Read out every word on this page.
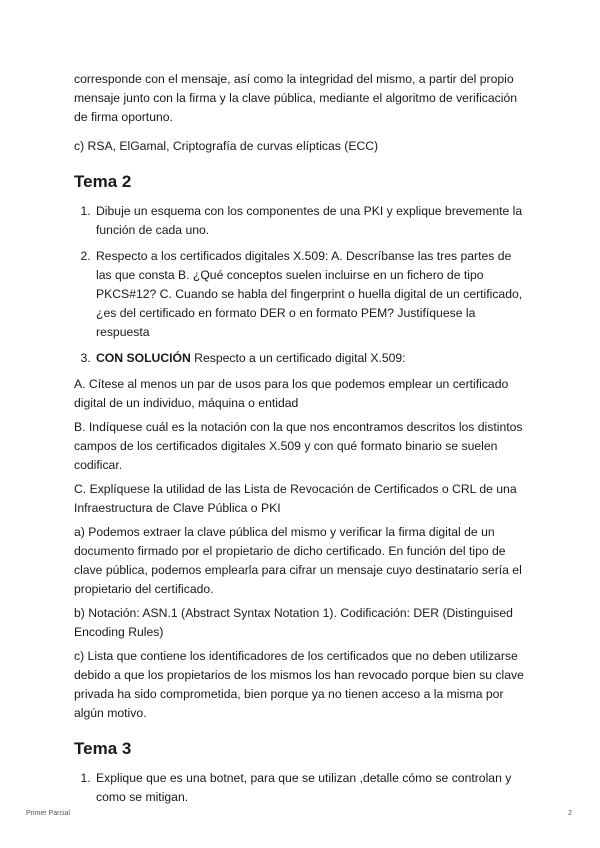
corresponde con el mensaje, así como la integridad del mismo, a partir del propio mensaje junto con la firma y la clave pública, mediante el algoritmo de verificación de firma oportuno.

c) RSA, ElGamal, Criptografía de curvas elípticas (ECC)

Tema 2
1. Dibuje un esquema con los componentes de una PKI y explique brevemente la función de cada uno.
2. Respecto a los certificados digitales X.509: A. Descríbanse las tres partes de las que consta B. ¿Qué conceptos suelen incluirse en un fichero de tipo PKCS#12? C. Cuando se habla del fingerprint o huella digital de un certificado, ¿es del certificado en formato DER o en formato PEM? Justifíquese la respuesta
3. CON SOLUCIÓN Respecto a un certificado digital X.509:

A. Cítese al menos un par de usos para los que podemos emplear un certificado digital de un individuo, máquina o entidad

B. Indíquese cuál es la notación con la que nos encontramos descritos los distintos campos de los certificados digitales X.509 y con qué formato binario se suelen codificar.

C. Explíquese la utilidad de las Lista de Revocación de Certificados o CRL de una Infraestructura de Clave Pública o PKI

a) Podemos extraer la clave pública del mismo y verificar la firma digital de un documento firmado por el propietario de dicho certificado. En función del tipo de clave pública, podemos emplearla para cifrar un mensaje cuyo destinatario sería el propietario del certificado.

b) Notación: ASN.1 (Abstract Syntax Notation 1). Codificación: DER (Distinguised Encoding Rules)

c) Lista que contiene los identificadores de los certificados que no deben utilizarse debido a que los propietarios de los mismos los han revocado porque bien su clave privada ha sido comprometida, bien porque ya no tienen acceso a la misma por algún motivo.

Tema 3
1. Explique que es una botnet, para que se utilizan ,detalle cómo se controlan y como se mitigan.
Primer Parcial	2
